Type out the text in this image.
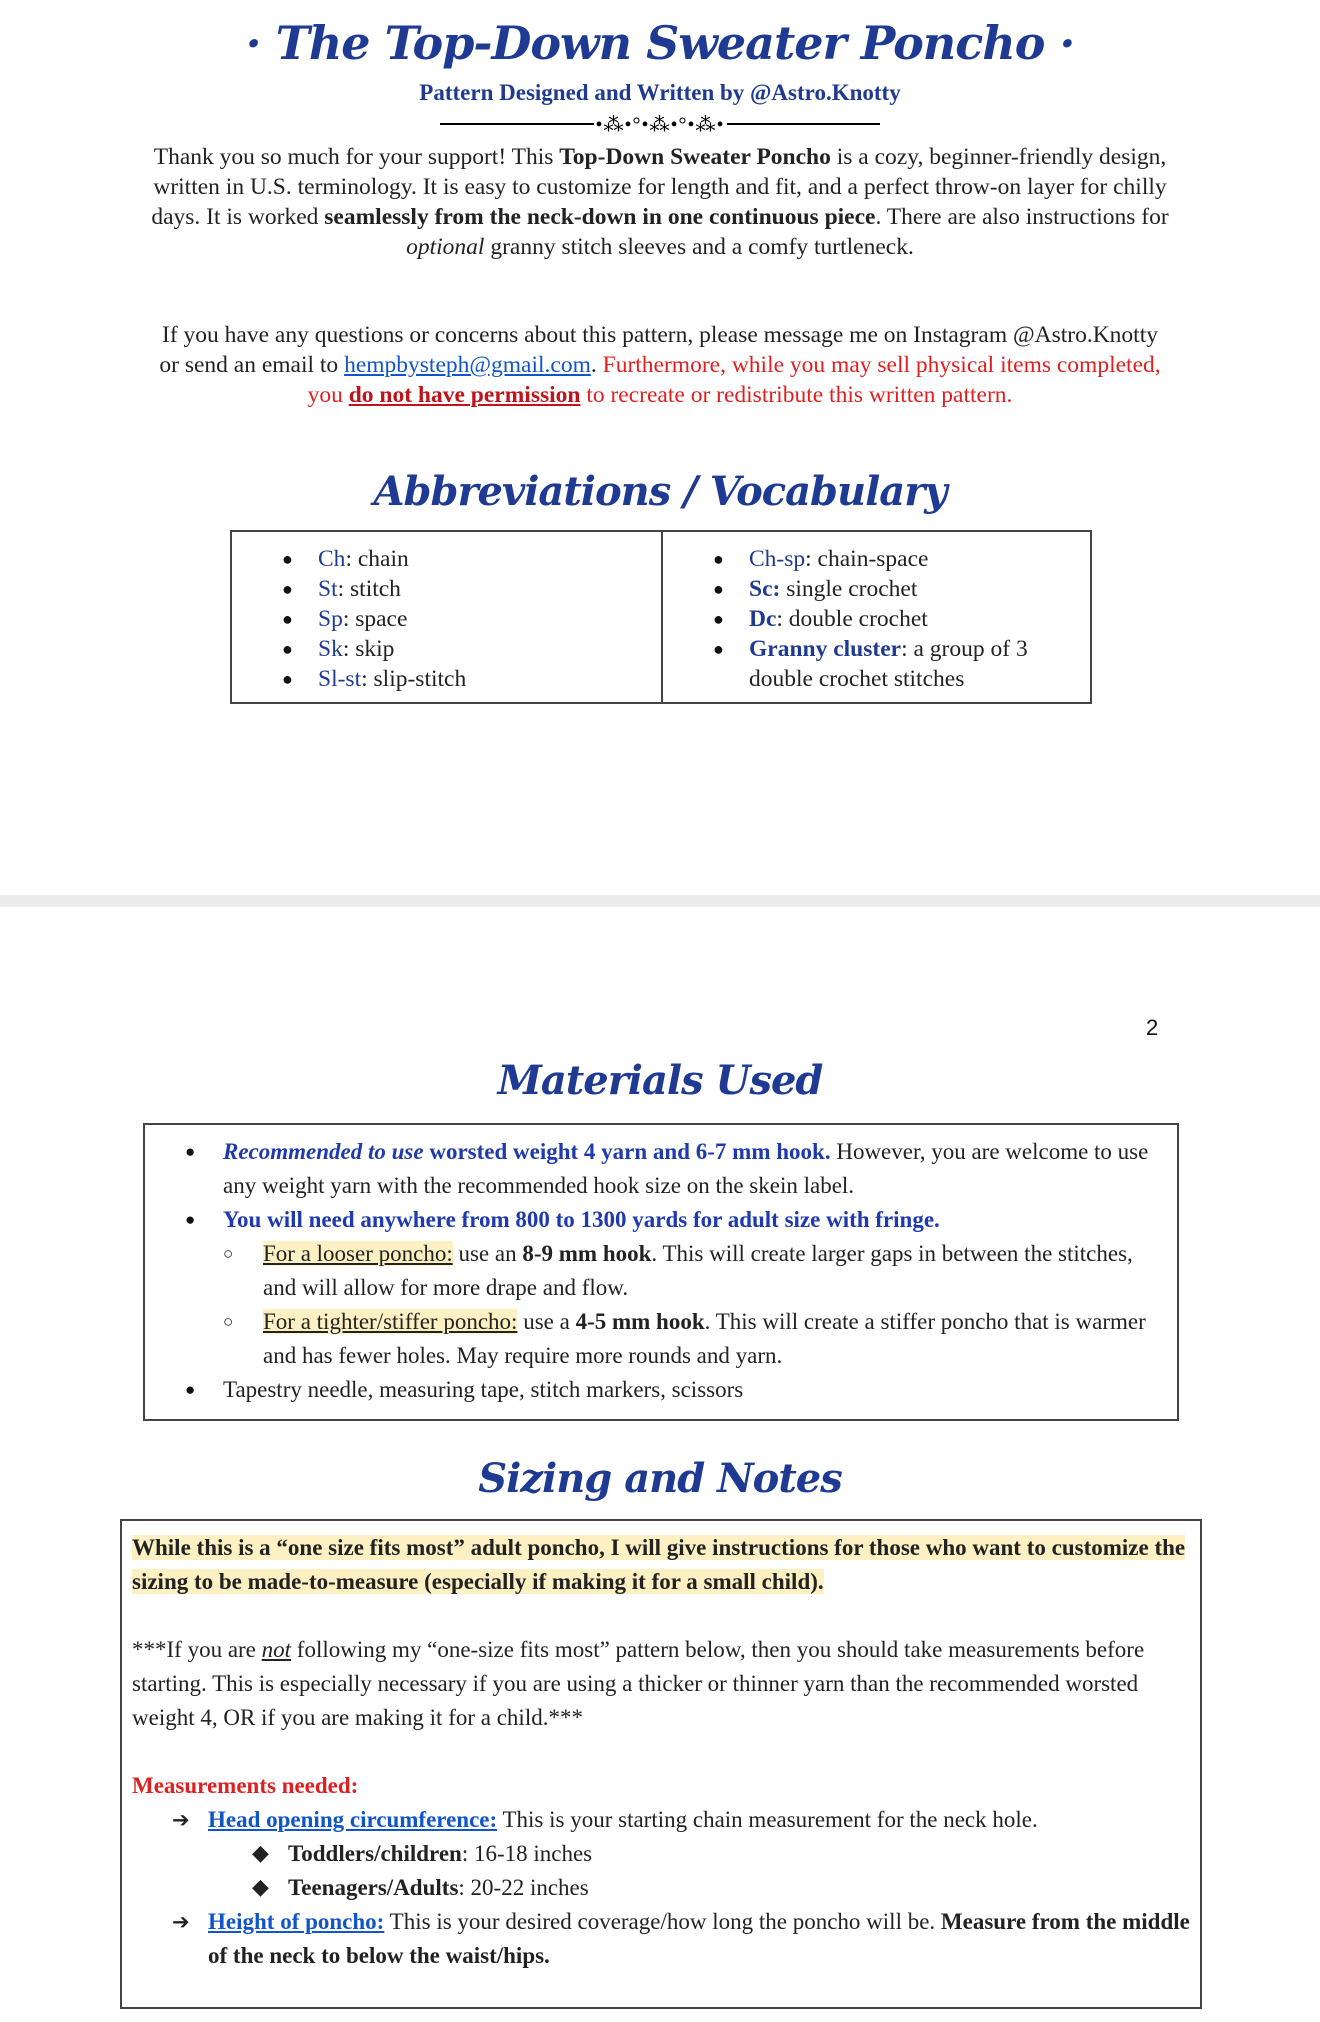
· The Top-Down Sweater Poncho ·
Pattern Designed and Written by @Astro.Knotty
•⁂•°•⁂•°•⁂•
Thank you so much for your support! This Top-Down Sweater Poncho is a cozy, beginner-friendly design, written in U.S. terminology. It is easy to customize for length and fit, and a perfect throw-on layer for chilly days. It is worked seamlessly from the neck-down in one continuous piece. There are also instructions for optional granny stitch sleeves and a comfy turtleneck.
If you have any questions or concerns about this pattern, please message me on Instagram @Astro.Knotty or send an email to hempbysteph@gmail.com. Furthermore, while you may sell physical items completed, you do not have permission to recreate or redistribute this written pattern.
Abbreviations / Vocabulary
● Ch: chain
● St: stitch
● Sp: space
● Sk: skip
● Sl-st: slip-stitch
● Ch-sp: chain-space
● Sc: single crochet
● Dc: double crochet
● Granny cluster: a group of 3 double crochet stitches
2
Materials Used
● Recommended to use worsted weight 4 yarn and 6-7 mm hook. However, you are welcome to use any weight yarn with the recommended hook size on the skein label.
● You will need anywhere from 800 to 1300 yards for adult size with fringe.
○ For a looser poncho: use an 8-9 mm hook. This will create larger gaps in between the stitches, and will allow for more drape and flow.
○ For a tighter/stiffer poncho: use a 4-5 mm hook. This will create a stiffer poncho that is warmer and has fewer holes. May require more rounds and yarn.
● Tapestry needle, measuring tape, stitch markers, scissors
Sizing and Notes

While this is a “one size fits most” adult poncho, I will give instructions for those who want to customize the sizing to be made-to-measure (especially if making it for a small child).

***If you are not following my “one-size fits most” pattern below, then you should take measurements before starting. This is especially necessary if you are using a thicker or thinner yarn than the recommended worsted weight 4, OR if you are making it for a child.***

Measurements needed:
➔ Head opening circumference: This is your starting chain measurement for the neck hole.
◆ Toddlers/children: 16-18 inches
◆ Teenagers/Adults: 20-22 inches
➔ Height of poncho: This is your desired coverage/how long the poncho will be. Measure from the middle of the neck to below the waist/hips.
